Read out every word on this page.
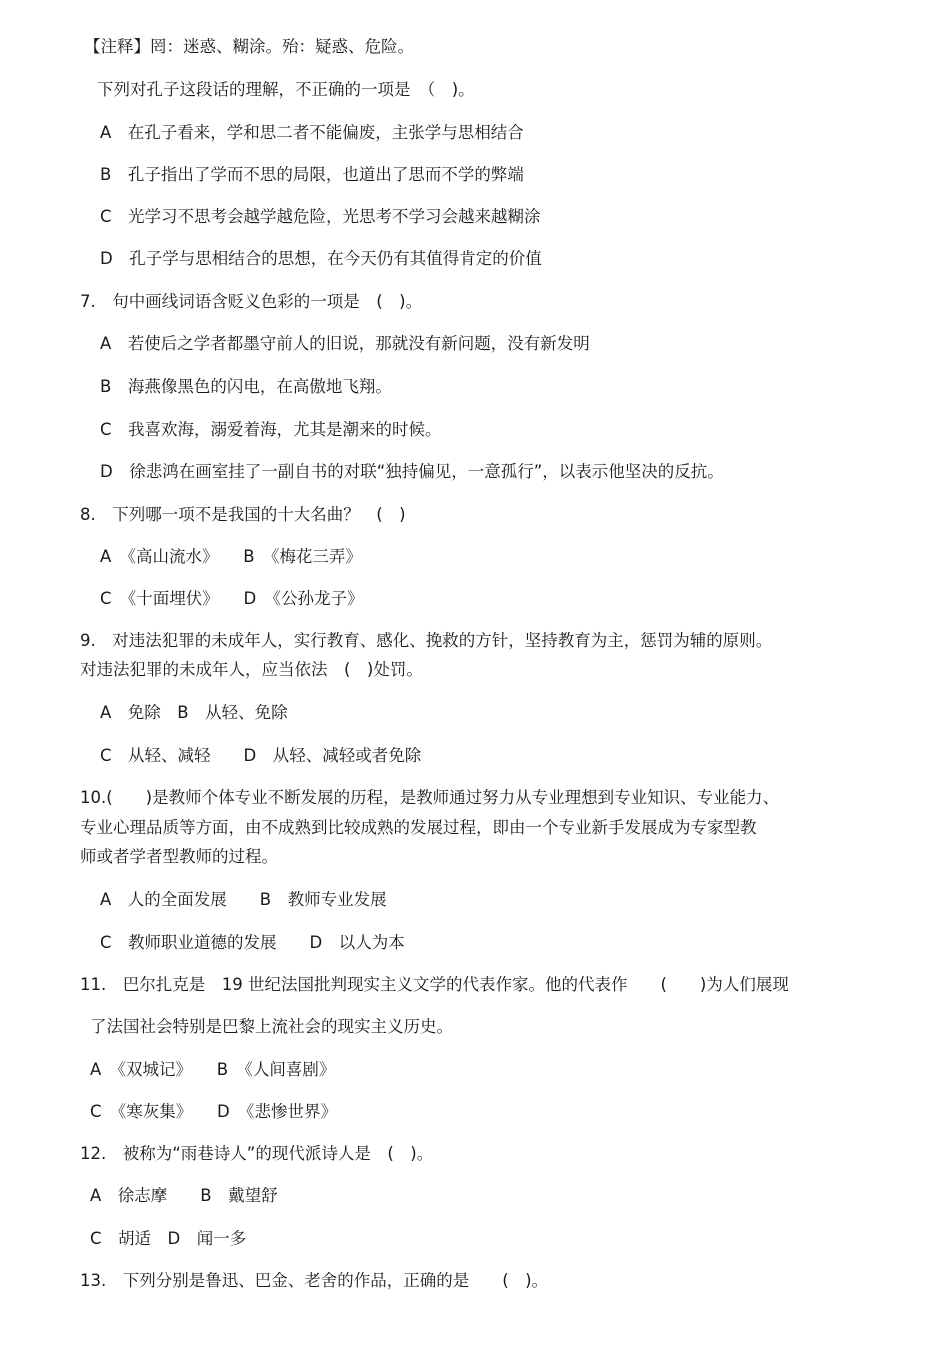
【注释】罔：迷惑、糊涂。殆：疑惑、危险。
下列对孔子这段话的理解，不正确的一项是　（　)。
A　在孔子看来，学和思二者不能偏废，主张学与思相结合
B　孔子指出了学而不思的局限，也道出了思而不学的弊端
C　光学习不思考会越学越危险，光思考不学习会越来越糊涂
D　孔子学与思相结合的思想，在今天仍有其值得肯定的价值
7.　句中画线词语含贬义色彩的一项是　(　)。
A　若使后之学者都墨守前人的旧说，那就没有新问题，没有新发明
B　海燕像黑色的闪电，在高傲地飞翔。
C　我喜欢海，溺爱着海，尤其是潮来的时候。
D　徐悲鸿在画室挂了一副自书的对联“独持偏见，一意孤行”，以表示他坚决的反抗。
8.　下列哪一项不是我国的十大名曲？　(　)
A　《高山流水》　　B　《梅花三弄》
C　《十面埋伏》　　D　《公孙龙子》
9.　对违法犯罪的未成年人，实行教育、感化、挽救的方针，坚持教育为主，惩罚为辅的原则。
对违法犯罪的未成年人，应当依法　(　)处罚。
A　免除　B　从轻、免除
C　从轻、减轻　　D　从轻、减轻或者免除
10.(　　)是教师个体专业不断发展的历程，是教师通过努力从专业理想到专业知识、专业能力、
专业心理品质等方面，由不成熟到比较成熟的发展过程，即由一个专业新手发展成为专家型教
师或者学者型教师的过程。
A　人的全面发展　　B　教师专业发展
C　教师职业道德的发展　　D　以人为本
11.　巴尔扎克是　19 世纪法国批判现实主义文学的代表作家。他的代表作　　(　　)为人们展现
了法国社会特别是巴黎上流社会的现实主义历史。
A　《双城记》　　B　《人间喜剧》
C　《寒灰集》　　D　《悲惨世界》
12.　被称为“雨巷诗人”的现代派诗人是　(　)。
A　徐志摩　　B　戴望舒
C　胡适　D　闻一多
13.　下列分别是鲁迅、巴金、老舍的作品，正确的是　　(　)。
